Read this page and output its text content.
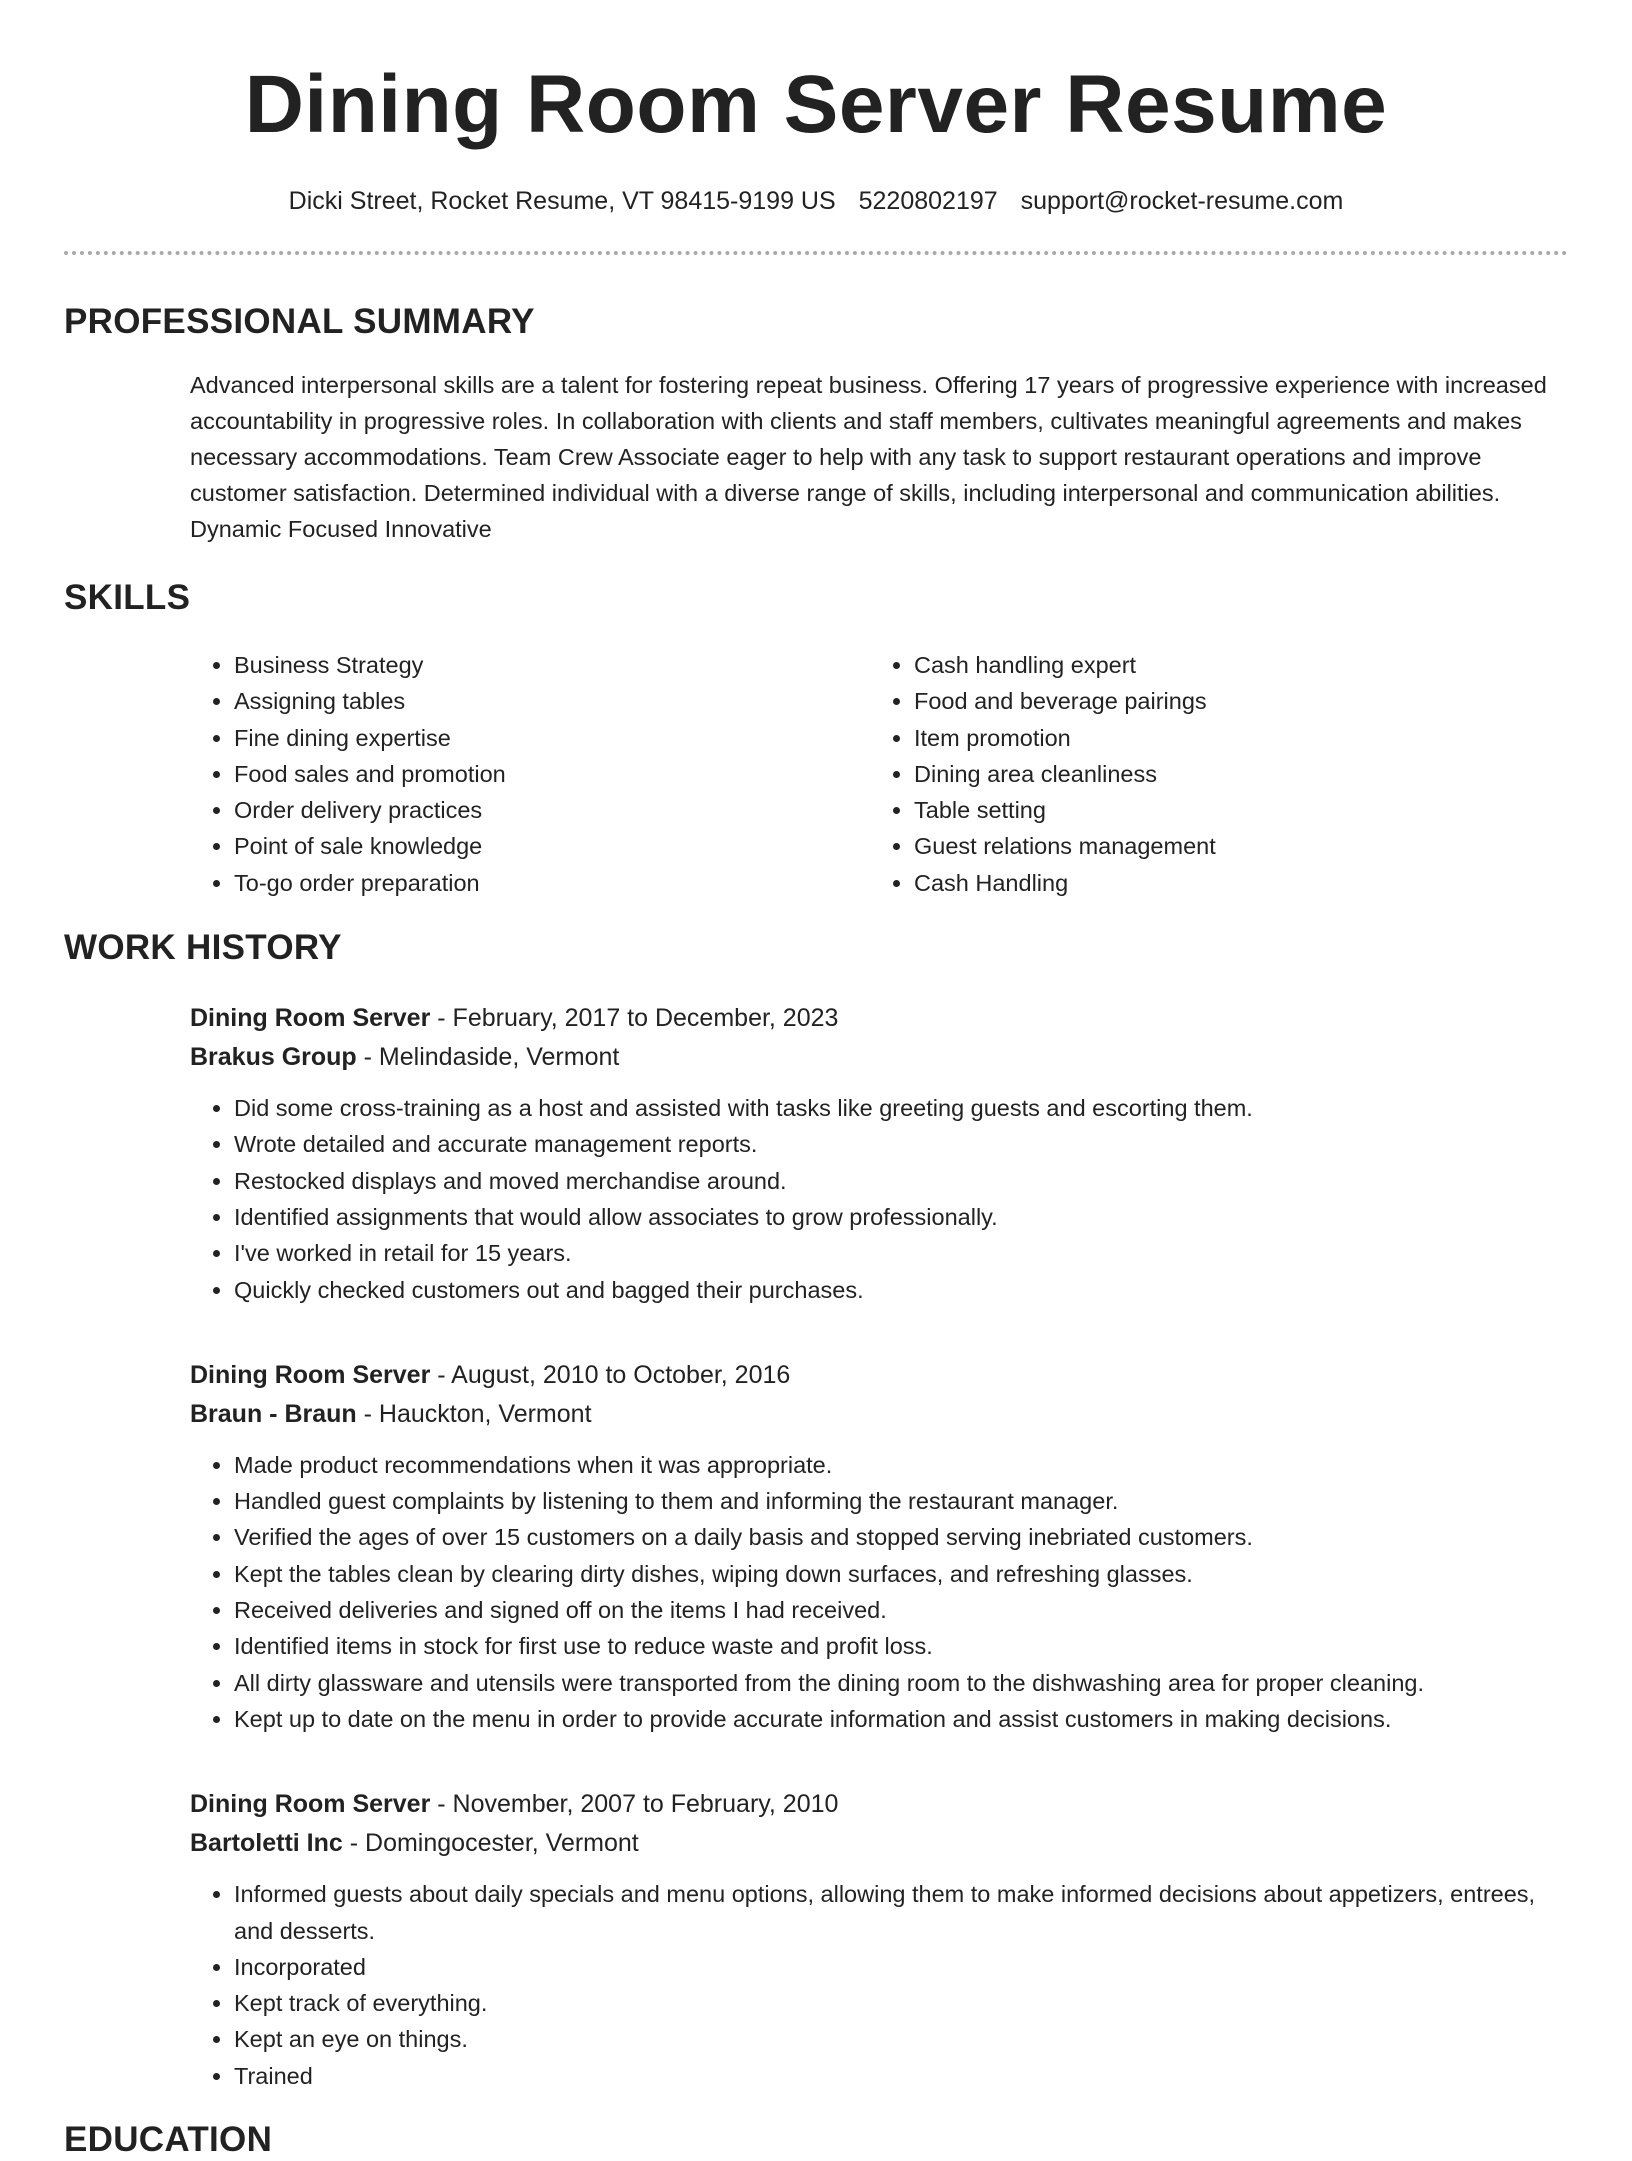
Dining Room Server Resume
Dicki Street, Rocket Resume, VT 98415-9199 US 5220802197 support@rocket-resume.com
PROFESSIONAL SUMMARY

Advanced interpersonal skills are a talent for fostering repeat business. Offering 17 years of progressive experience with increased accountability in progressive roles. In collaboration with clients and staff members, cultivates meaningful agreements and makes necessary accommodations. Team Crew Associate eager to help with any task to support restaurant operations and improve customer satisfaction. Determined individual with a diverse range of skills, including interpersonal and communication abilities. Dynamic Focused Innovative

SKILLS
• Business Strategy
• Assigning tables
• Fine dining expertise
• Food sales and promotion
• Order delivery practices
• Point of sale knowledge
• To-go order preparation
• Cash handling expert
• Food and beverage pairings
• Item promotion
• Dining area cleanliness
• Table setting
• Guest relations management
• Cash Handling
WORK HISTORY
Dining Room Server - February, 2017 to December, 2023
Brakus Group - Melindaside, Vermont
• Did some cross-training as a host and assisted with tasks like greeting guests and escorting them.
• Wrote detailed and accurate management reports.
• Restocked displays and moved merchandise around.
• Identified assignments that would allow associates to grow professionally.
• I've worked in retail for 15 years.
• Quickly checked customers out and bagged their purchases.
Dining Room Server - August, 2010 to October, 2016
Braun - Braun - Hauckton, Vermont
• Made product recommendations when it was appropriate.
• Handled guest complaints by listening to them and informing the restaurant manager.
• Verified the ages of over 15 customers on a daily basis and stopped serving inebriated customers.
• Kept the tables clean by clearing dirty dishes, wiping down surfaces, and refreshing glasses.
• Received deliveries and signed off on the items I had received.
• Identified items in stock for first use to reduce waste and profit loss.
• All dirty glassware and utensils were transported from the dining room to the dishwashing area for proper cleaning.
• Kept up to date on the menu in order to provide accurate information and assist customers in making decisions.
Dining Room Server - November, 2007 to February, 2010
Bartoletti Inc - Domingocester, Vermont
• Informed guests about daily specials and menu options, allowing them to make informed decisions about appetizers, entrees, and desserts.
• Incorporated
• Kept track of everything.
• Kept an eye on things.
• Trained
EDUCATION
